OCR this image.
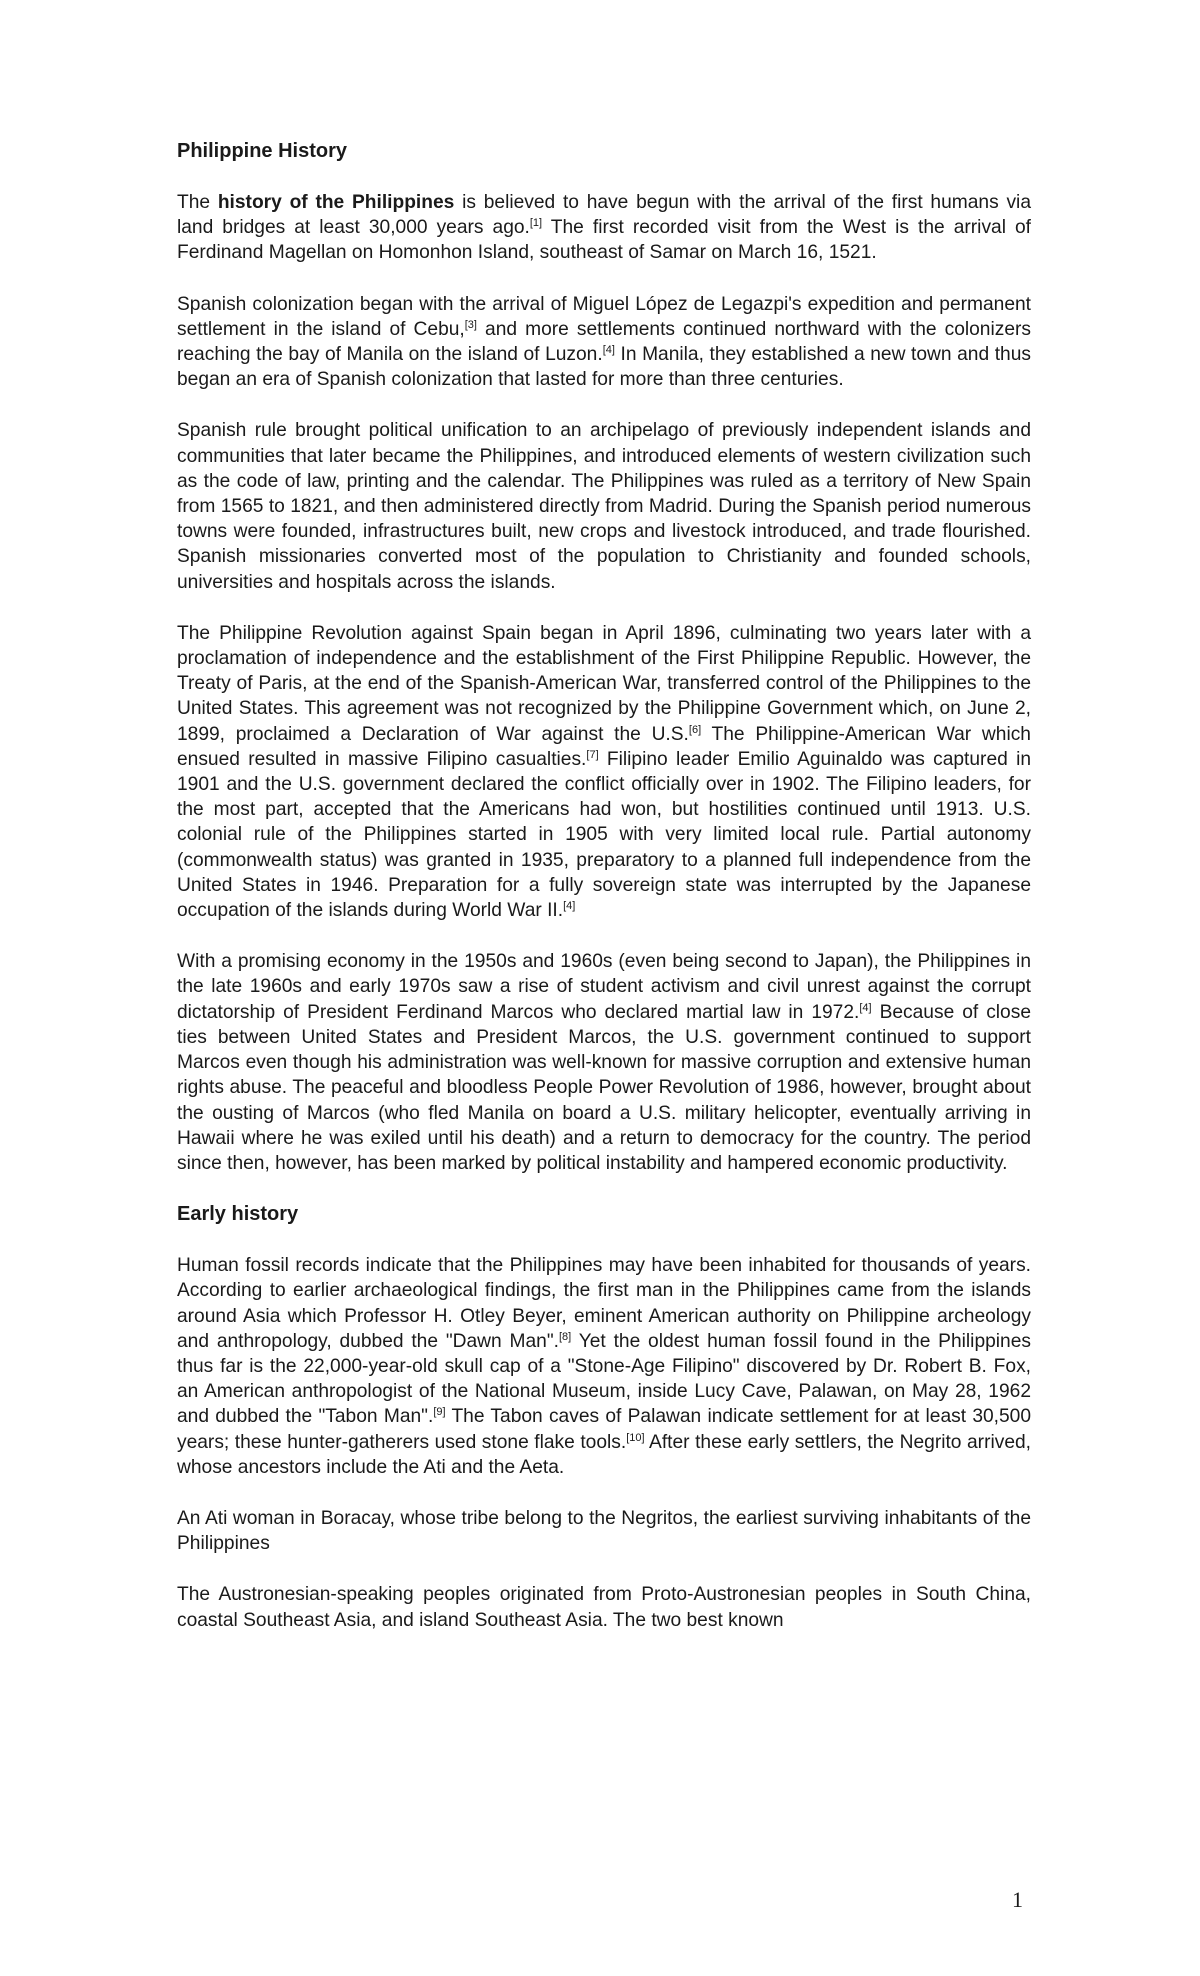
Philippine History

The history of the Philippines is believed to have begun with the arrival of the first humans via land bridges at least 30,000 years ago.[1] The first recorded visit from the West is the arrival of Ferdinand Magellan on Homonhon Island, southeast of Samar on March 16, 1521.

Spanish colonization began with the arrival of Miguel López de Legazpi's expedition and permanent settlement in the island of Cebu,[3] and more settlements continued northward with the colonizers reaching the bay of Manila on the island of Luzon.[4] In Manila, they established a new town and thus began an era of Spanish colonization that lasted for more than three centuries.

Spanish rule brought political unification to an archipelago of previously independent islands and communities that later became the Philippines, and introduced elements of western civilization such as the code of law, printing and the calendar. The Philippines was ruled as a territory of New Spain from 1565 to 1821, and then administered directly from Madrid. During the Spanish period numerous towns were founded, infrastructures built, new crops and livestock introduced, and trade flourished. Spanish missionaries converted most of the population to Christianity and founded schools, universities and hospitals across the islands.

The Philippine Revolution against Spain began in April 1896, culminating two years later with a proclamation of independence and the establishment of the First Philippine Republic. However, the Treaty of Paris, at the end of the Spanish-American War, transferred control of the Philippines to the United States. This agreement was not recognized by the Philippine Government which, on June 2, 1899, proclaimed a Declaration of War against the U.S.[6] The Philippine-American War which ensued resulted in massive Filipino casualties.[7] Filipino leader Emilio Aguinaldo was captured in 1901 and the U.S. government declared the conflict officially over in 1902. The Filipino leaders, for the most part, accepted that the Americans had won, but hostilities continued until 1913. U.S. colonial rule of the Philippines started in 1905 with very limited local rule. Partial autonomy (commonwealth status) was granted in 1935, preparatory to a planned full independence from the United States in 1946. Preparation for a fully sovereign state was interrupted by the Japanese occupation of the islands during World War II.[4]

With a promising economy in the 1950s and 1960s (even being second to Japan), the Philippines in the late 1960s and early 1970s saw a rise of student activism and civil unrest against the corrupt dictatorship of President Ferdinand Marcos who declared martial law in 1972.[4] Because of close ties between United States and President Marcos, the U.S. government continued to support Marcos even though his administration was well-known for massive corruption and extensive human rights abuse. The peaceful and bloodless People Power Revolution of 1986, however, brought about the ousting of Marcos (who fled Manila on board a U.S. military helicopter, eventually arriving in Hawaii where he was exiled until his death) and a return to democracy for the country. The period since then, however, has been marked by political instability and hampered economic productivity.

Early history

Human fossil records indicate that the Philippines may have been inhabited for thousands of years. According to earlier archaeological findings, the first man in the Philippines came from the islands around Asia which Professor H. Otley Beyer, eminent American authority on Philippine archeology and anthropology, dubbed the "Dawn Man".[8] Yet the oldest human fossil found in the Philippines thus far is the 22,000-year-old skull cap of a "Stone-Age Filipino" discovered by Dr. Robert B. Fox, an American anthropologist of the National Museum, inside Lucy Cave, Palawan, on May 28, 1962 and dubbed the "Tabon Man".[9] The Tabon caves of Palawan indicate settlement for at least 30,500 years; these hunter-gatherers used stone flake tools.[10] After these early settlers, the Negrito arrived, whose ancestors include the Ati and the Aeta.

An Ati woman in Boracay, whose tribe belong to the Negritos, the earliest surviving inhabitants of the Philippines

The Austronesian-speaking peoples originated from Proto-Austronesian peoples in South China, coastal Southeast Asia, and island Southeast Asia. The two best known

1
